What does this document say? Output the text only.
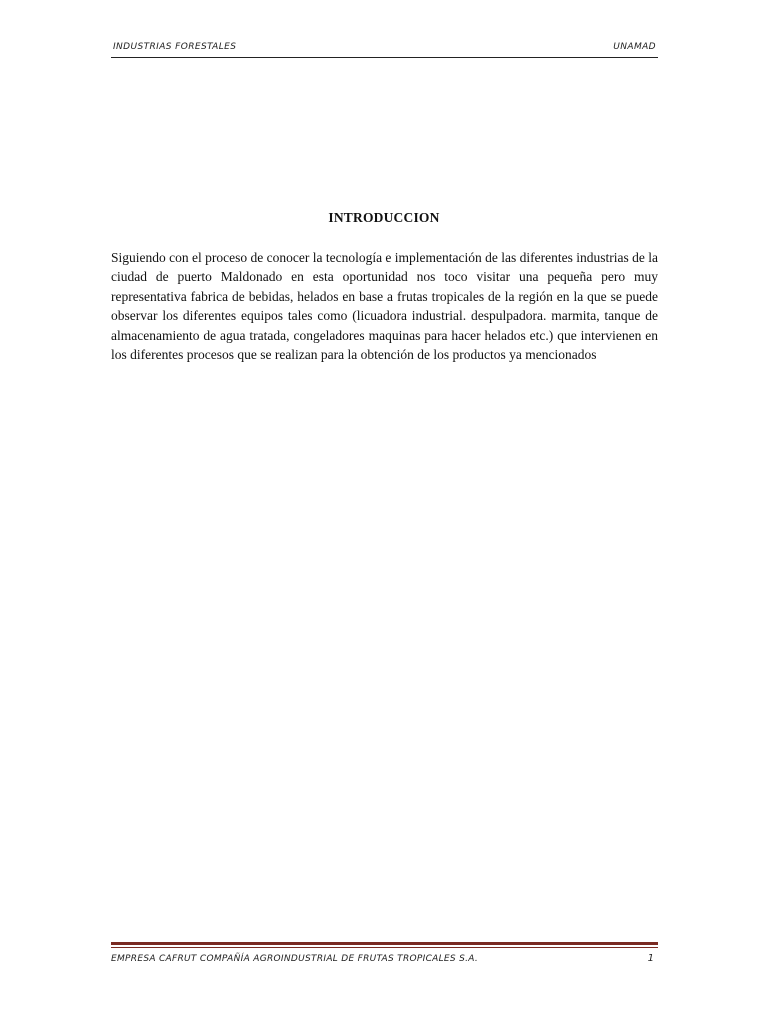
INDUSTRIAS FORESTALES	UNAMAD
INTRODUCCION

Siguiendo con el proceso de conocer la tecnología e implementación de las diferentes industrias de la ciudad de puerto Maldonado en esta oportunidad nos toco visitar una pequeña pero muy representativa fabrica de bebidas, helados en base a frutas tropicales de la región en la que se puede observar los diferentes equipos tales como (licuadora industrial. despulpadora. marmita, tanque de almacenamiento de agua tratada, congeladores maquinas para hacer helados etc.) que intervienen en los diferentes procesos que se realizan para la obtención de los productos ya mencionados

EMPRESA CAFRUT COMPAÑÍA AGROINDUSTRIAL DE FRUTAS TROPICALES S.A.	1
